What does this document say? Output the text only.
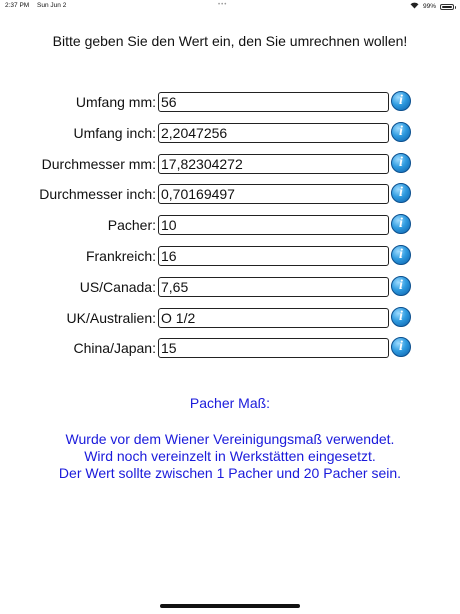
2:37 PM Sun Jun 2	•••	99%
Bitte geben Sie den Wert ein, den Sie umrechnen wollen!
Umfang mm:
56	i
Umfang inch:
2,2047256	i
Durchmesser mm:
17,82304272	i
Durchmesser inch:
0,70169497	i
Pacher:
10	i
Frankreich:
16	i
US/Canada:
7,65	i
UK/Australien:
O 1/2	i
China/Japan:
15	i
Pacher Maß:
Wurde vor dem Wiener Vereinigungsmaß verwendet.
Wird noch vereinzelt in Werkstätten eingesetzt.
Der Wert sollte zwischen 1 Pacher und 20 Pacher sein.
